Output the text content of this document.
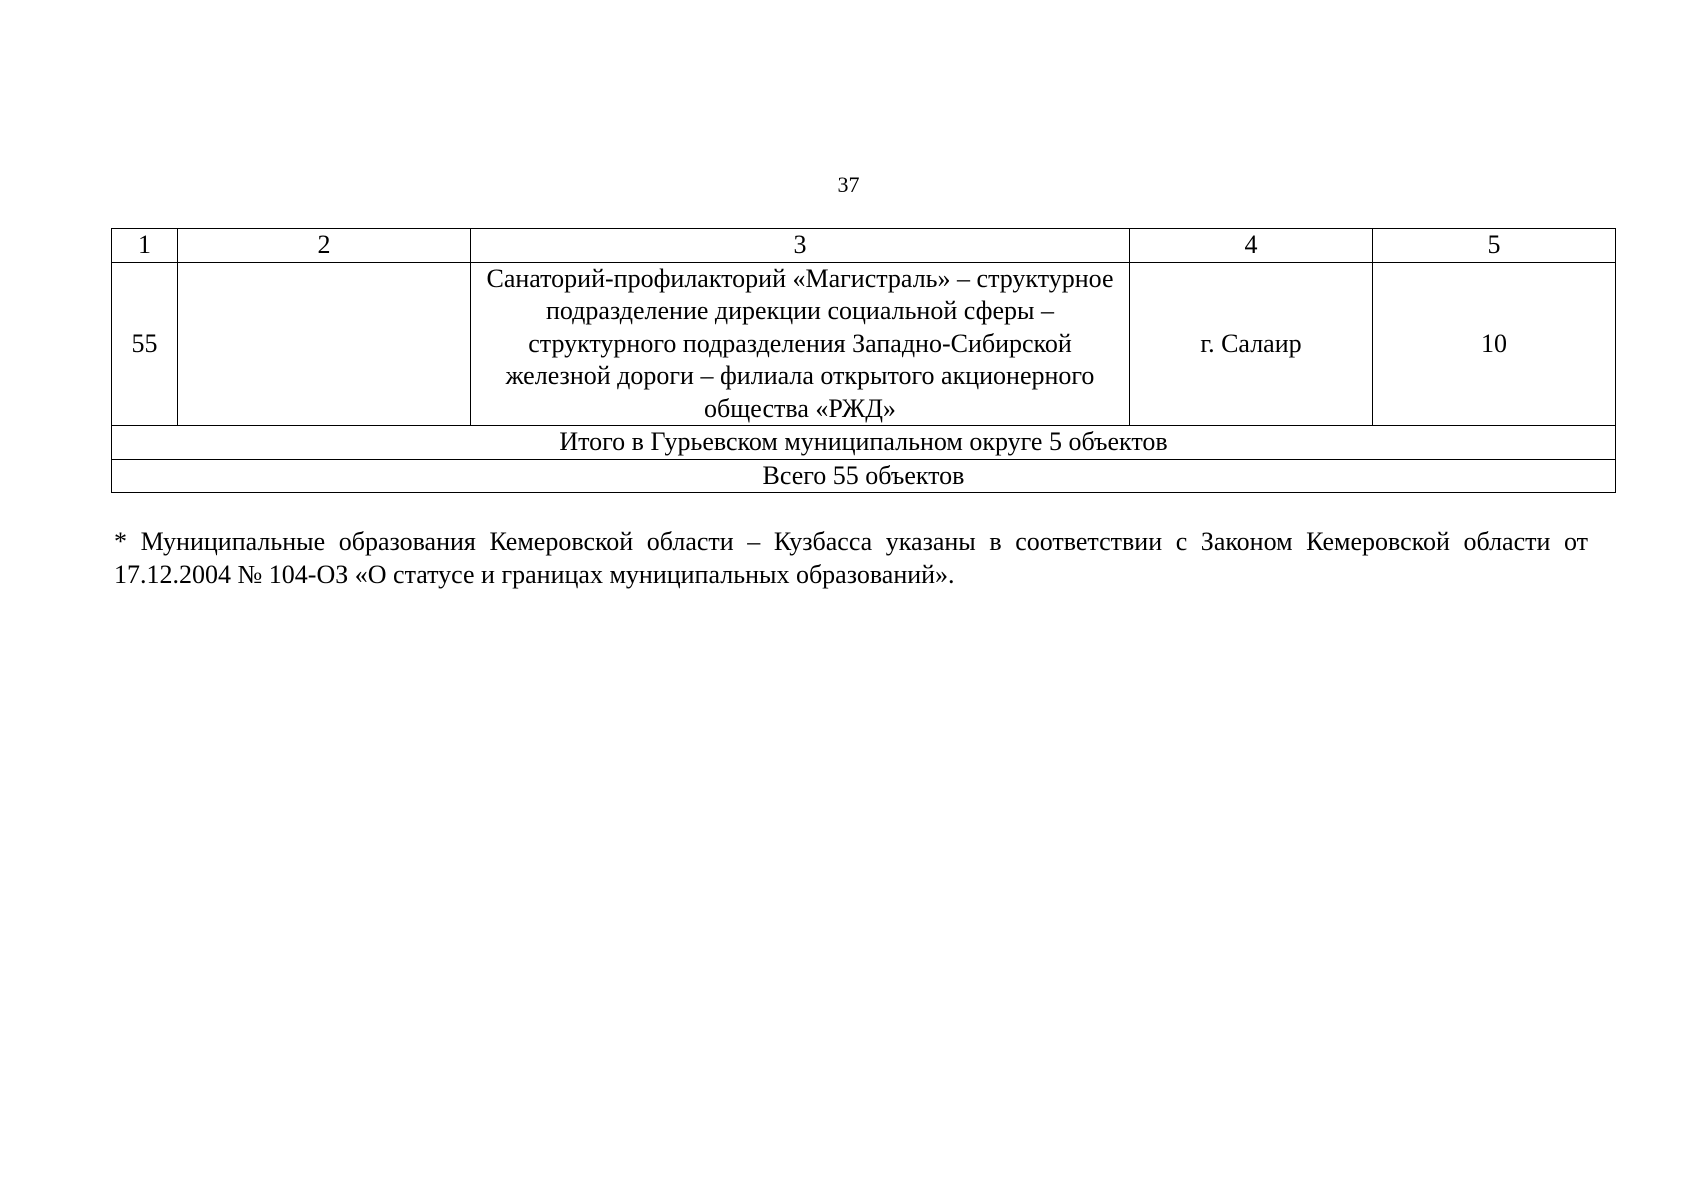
37
1	2	3	4	5
55		Санаторий-профилакторий «Магистраль» – структурное подразделение дирекции социальной сферы – структурного подразделения Западно-Сибирской железной дороги – филиала открытого акционерного общества «РЖД»	г. Салаир	10
Итого в Гурьевском муниципальном округе 5 объектов				
Всего 55 объектов				
* Муниципальные образования Кемеровской области – Кузбасса указаны в соответствии с Законом Кемеровской области от 17.12.2004 № 104-ОЗ «О статусе и границах муниципальных образований».
